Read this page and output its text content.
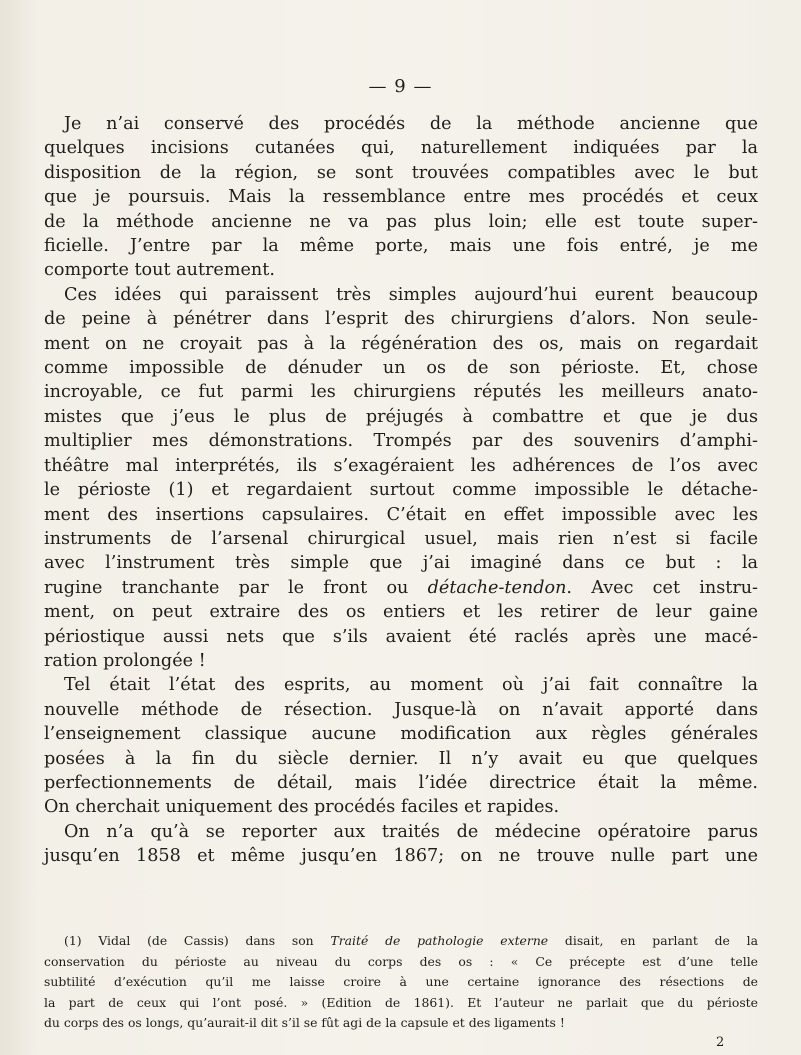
— 9 —
Je n’ai conservé des procédés de la méthode ancienne que
quelques incisions cutanées qui, naturellement indiquées par la
disposition de la région, se sont trouvées compatibles avec le but
que je poursuis. Mais la ressemblance entre mes procédés et ceux
de la méthode ancienne ne va pas plus loin; elle est toute super-
ficielle. J’entre par la même porte, mais une fois entré, je me
comporte tout autrement.
Ces idées qui paraissent très simples aujourd’hui eurent beaucoup
de peine à pénétrer dans l’esprit des chirurgiens d’alors. Non seule-
ment on ne croyait pas à la régénération des os, mais on regardait
comme impossible de dénuder un os de son périoste. Et, chose
incroyable, ce fut parmi les chirurgiens réputés les meilleurs anato-
mistes que j’eus le plus de préjugés à combattre et que je dus
multiplier mes démonstrations. Trompés par des souvenirs d’amphi-
théâtre mal interprétés, ils s’exagéraient les adhérences de l’os avec
le périoste (1) et regardaient surtout comme impossible le détache-
ment des insertions capsulaires. C’était en effet impossible avec les
instruments de l’arsenal chirurgical usuel, mais rien n’est si facile
avec l’instrument très simple que j’ai imaginé dans ce but : la
rugine tranchante par le front ou détache-tendon. Avec cet instru-
ment, on peut extraire des os entiers et les retirer de leur gaine
périostique aussi nets que s’ils avaient été raclés après une macé-
ration prolongée !
Tel était l’état des esprits, au moment où j’ai fait connaître la
nouvelle méthode de résection. Jusque-là on n’avait apporté dans
l’enseignement classique aucune modification aux règles générales
posées à la fin du siècle dernier. Il n’y avait eu que quelques
perfectionnements de détail, mais l’idée directrice était la même.
On cherchait uniquement des procédés faciles et rapides.
On n’a qu’à se reporter aux traités de médecine opératoire parus
jusqu’en 1858 et même jusqu’en 1867; on ne trouve nulle part une
(1) Vidal (de Cassis) dans son Traité de pathologie externe disait, en parlant de la
conservation du périoste au niveau du corps des os : « Ce précepte est d’une telle
subtilité d’exécution qu’il me laisse croire à une certaine ignorance des résections de
la part de ceux qui l’ont posé. » (Edition de 1861). Et l’auteur ne parlait que du périoste
du corps des os longs, qu’aurait-il dit s’il se fût agi de la capsule et des ligaments !
2
